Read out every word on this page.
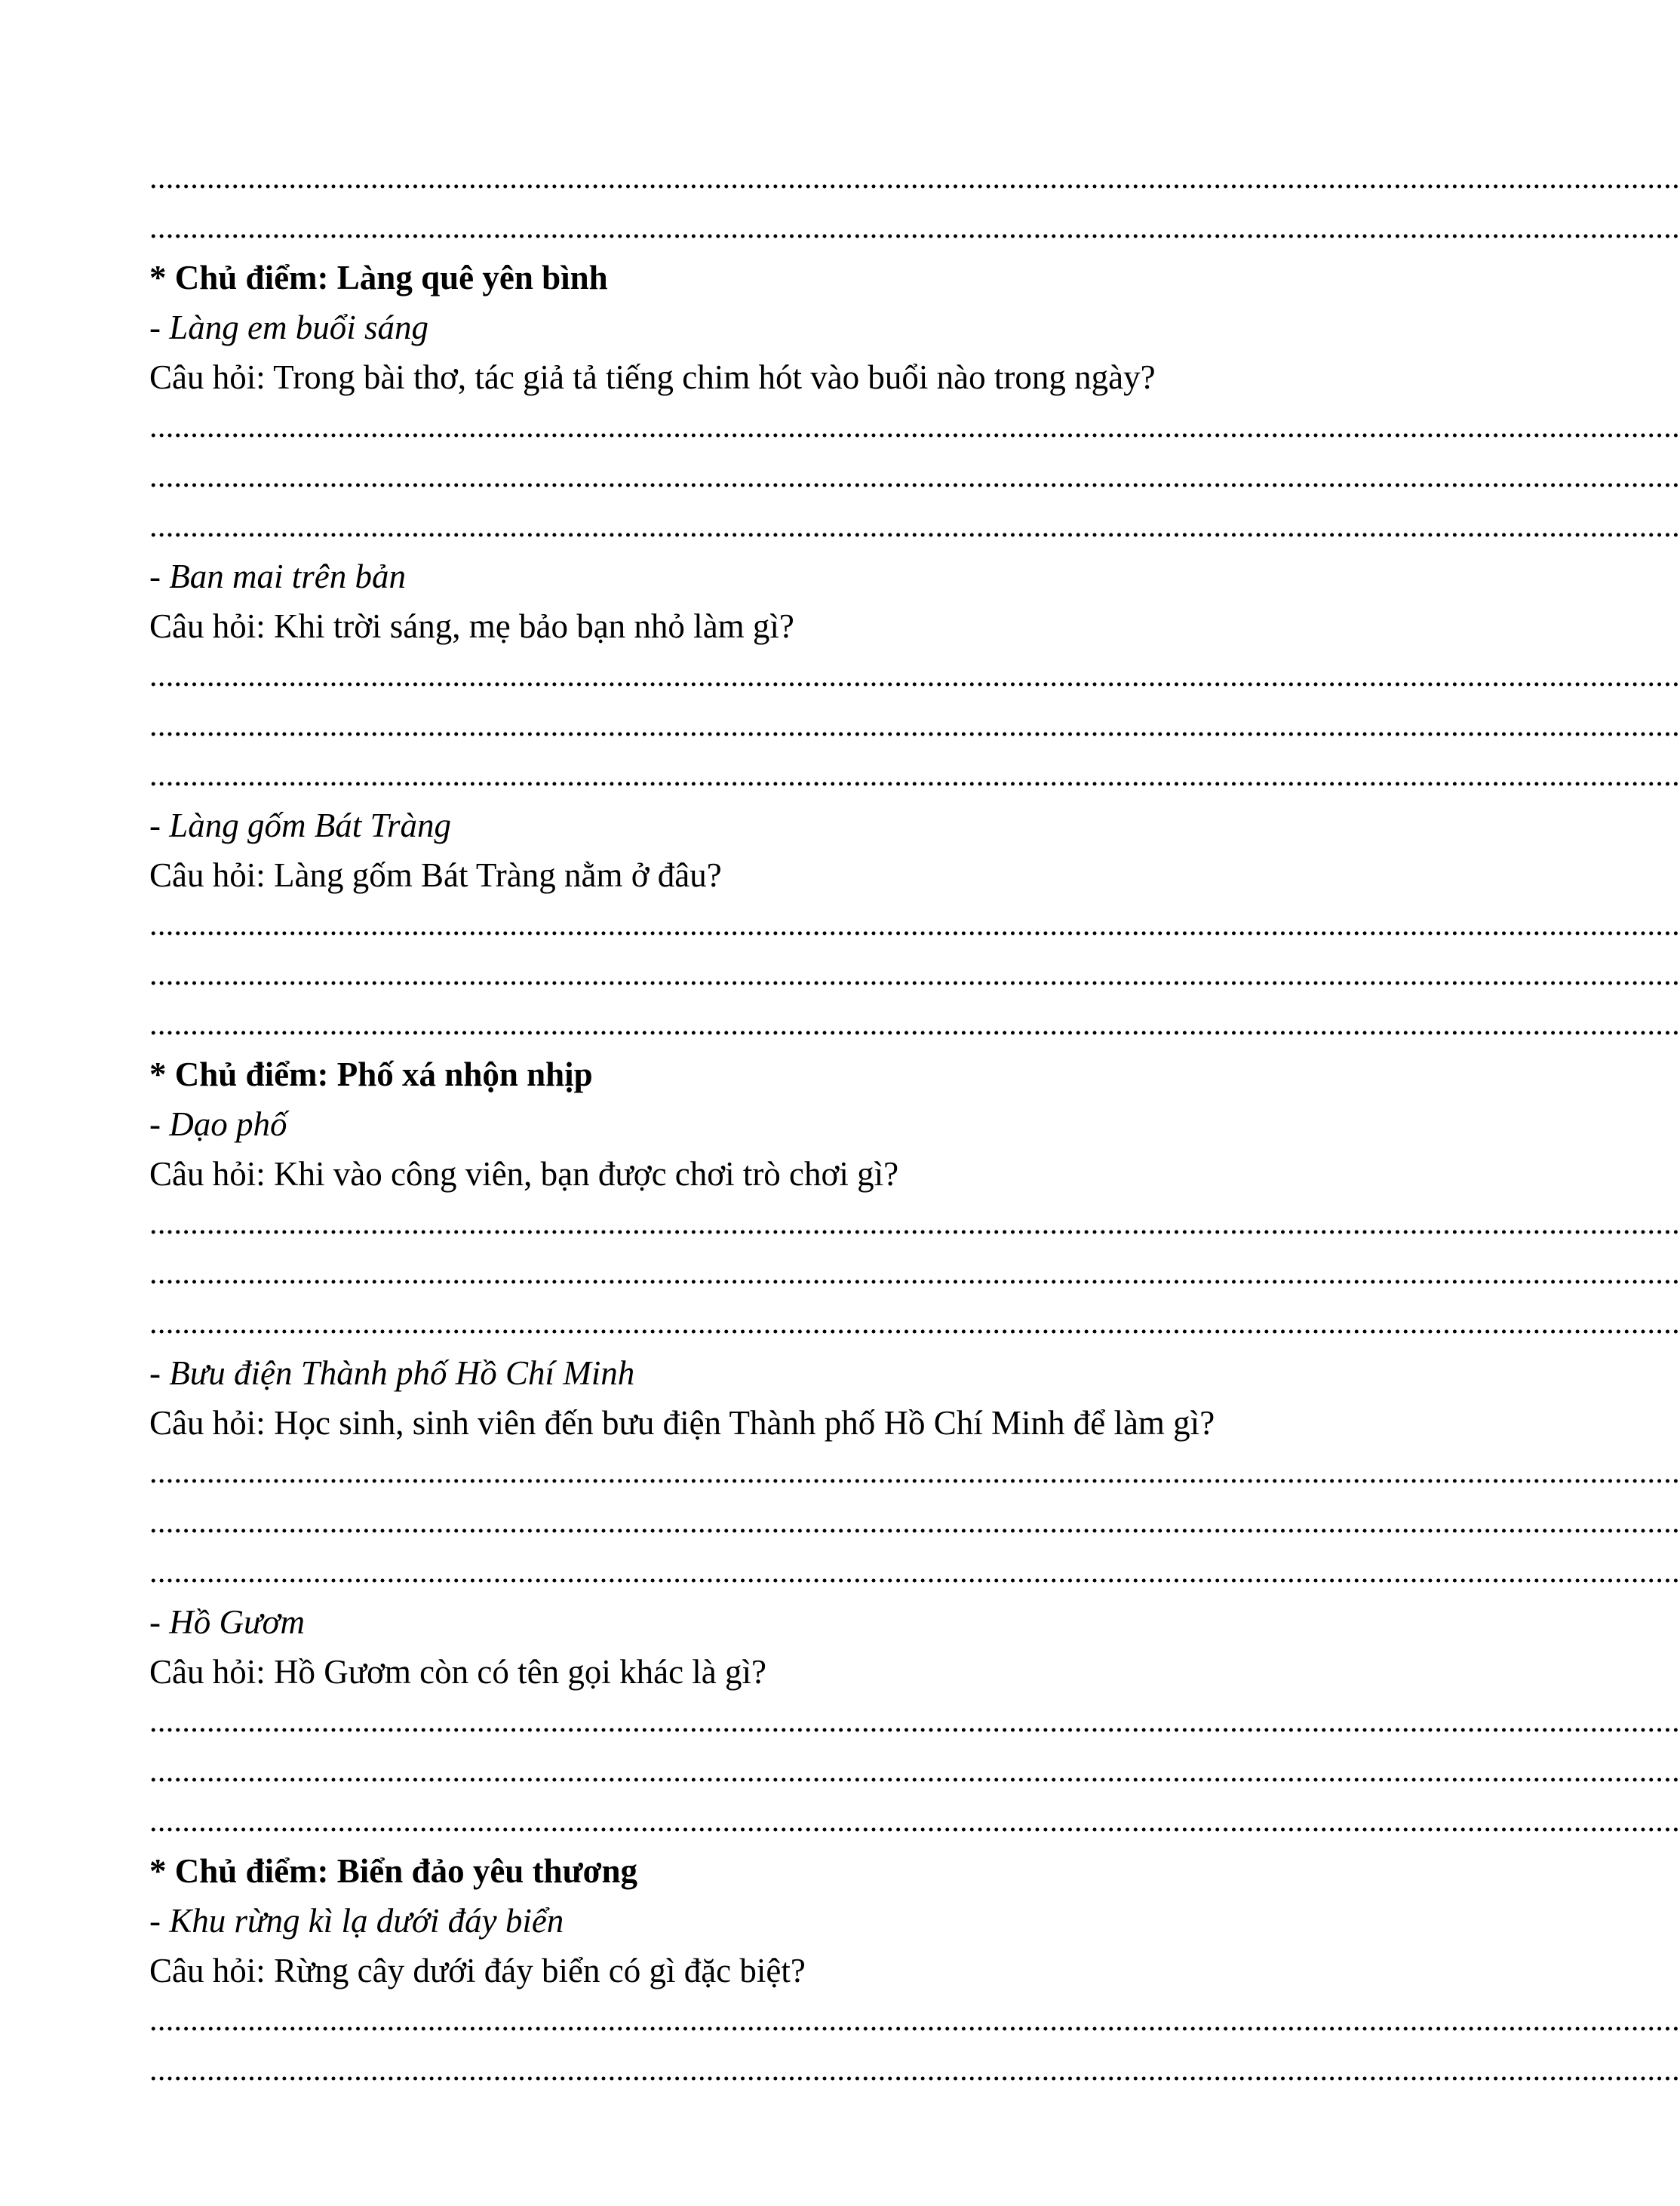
...........................................................................................................................................................................................
...........................................................................................................................................................................................
* Chủ điểm: Làng quê yên bình
- Làng em buổi sáng
Câu hỏi: Trong bài thơ, tác giả tả tiếng chim hót vào buổi nào trong ngày?
...........................................................................................................................................................................................
...........................................................................................................................................................................................
...........................................................................................................................................................................................
- Ban mai trên bản
Câu hỏi: Khi trời sáng, mẹ bảo bạn nhỏ làm gì?
...........................................................................................................................................................................................
...........................................................................................................................................................................................
...........................................................................................................................................................................................
- Làng gốm Bát Tràng
Câu hỏi: Làng gốm Bát Tràng nằm ở đâu?
...........................................................................................................................................................................................
...........................................................................................................................................................................................
...........................................................................................................................................................................................
* Chủ điểm: Phố xá nhộn nhịp
- Dạo phố
Câu hỏi: Khi vào công viên, bạn được chơi trò chơi gì?
...........................................................................................................................................................................................
...........................................................................................................................................................................................
...........................................................................................................................................................................................
- Bưu điện Thành phố Hồ Chí Minh
Câu hỏi: Học sinh, sinh viên đến bưu điện Thành phố Hồ Chí Minh để làm gì?
...........................................................................................................................................................................................
...........................................................................................................................................................................................
...........................................................................................................................................................................................
- Hồ Gươm
Câu hỏi: Hồ Gươm còn có tên gọi khác là gì?
...........................................................................................................................................................................................
...........................................................................................................................................................................................
...........................................................................................................................................................................................
* Chủ điểm: Biển đảo yêu thương
- Khu rừng kì lạ dưới đáy biển
Câu hỏi: Rừng cây dưới đáy biển có gì đặc biệt?
...........................................................................................................................................................................................
...........................................................................................................................................................................................
